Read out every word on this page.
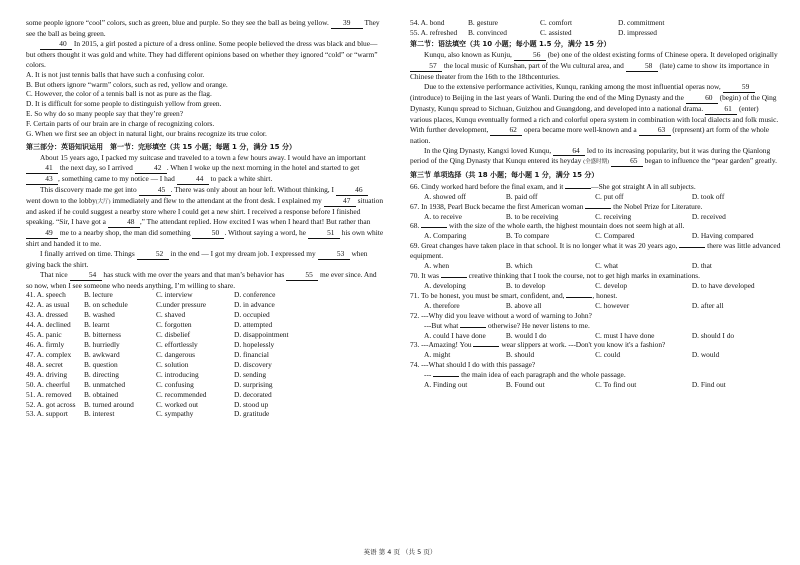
some people ignore “cool” colors, such as green, blue and purple. So they see the ball as being yellow. 39 They see the ball as being green.

40 In 2015, a girl posted a picture of a dress online. Some people believed the dress was black and blue—but others thought it was gold and white. They had different opinions based on whether they ignored “cold” or “warm” colors.

A. It is not just tennis balls that have such a confusing color.

B. But others ignore “warm” colors, such as red, yellow and orange.

C. However, the color of a tennis ball is not as pure as the flag.

D. It is difficult for some people to distinguish yellow from green.

E. So why do so many people say that they’re green?

F. Certain parts of our brain are in charge of recognizing colors.

G. When we first see an object in natural light, our brains recognize its true color.

第三部分：英语知识运用　第一节：完形填空（共 15 小题；每题 1 分，满分 15 分）

About 15 years ago, I packed my suitcase and traveled to a town a few hours away. I would have an important 41 the next day, so I arrived	42 . When I woke up the next morning in the hotel and started to get 43 , something came to my notice — I had	44 to pack a white shirt.

This discovery made me get into	45 . There was only about an hour left. Without thinking, I	46 went down to the lobby(大厅) immediately and flew to the attendant at the front desk. I explained my	47 situation and asked if he could suggest a nearby store where I could get a new shirt. I received a response before I finished speaking. “Sir, I have got a	48 ,” The attendant replied. How excited I was when I heard that! But rather than 49 me to a nearby shop, the man did something	50 . Without saying a word, he	51 his own white shirt and handed it to me.

I finally arrived on time. Things	52 in the end — I got my dream job. I expressed my	53 when giving back the shirt.

That nice	54 has stuck with me over the years and that man’s behavior has	55 me ever since. And so now, when I see someone who needs anything, I’m willing to share.

41. A. speech	B. lecture	C. interview	D. conference
42. A. as usual	B. on schedule	C.under pressure	D. in advance
43. A. dressed	B. washed	C. shaved	D. occupied
44. A. declined	B. learnt	C. forgotten	D. attempted
45. A. panic	B. bitterness	C. disbelief	D. disappointment
46. A. firmly	B. hurriedly	C. effortlessly	D. hopelessly
47. A. complex	B. awkward	C. dangerous	D. financial
48. A. secret	B. question	C. solution	D. discovery
49. A. driving	B. directing	C. introducing	D. sending
50. A. cheerful	B. unmatched	C. confusing	D. surprising
51. A. removed	B. obtained	C. recommended	D. decorated
52. A. got across	B. turned around	C. worked out	D. stood up
53. A. support	B. interest	C. sympathy	D. gratitude
54. A. bond	B. gesture	C. comfort	D. commitment
55. A. refreshed	B. convinced	C. assisted	D. impressed

第二节：语法填空（共 10 小题；每小题 1.5 分，满分 15 分）

Kunqu, also known as Kunju,	56 (be) one of the oldest existing forms of Chinese opera. It developed originally 57 the local music of Kunshan, part of the Wu cultural area, and	58 (late) came to show its importance in Chinese theater from the 16th to the 18thcenturies.

Due to the extensive performance activities, Kunqu, ranking among the most influential operas now,	59 (introduce) to Beijing in the last years of Wanli. During the end of the Ming Dynasty and the	60 (begin) of the Qing Dynasty, Kunqu spread to Sichuan, Guizhou and Guangdong, and developed into a national drama.	61 (enter) various places, Kunqu eventually formed a rich and colorful opera system in combination with local dialects and folk music. With further development,	62 opera became more well-known and a	63 (represent) art form of the whole nation.

In the Qing Dynasty, Kangxi loved Kunqu,	64 led to its increasing popularity, but it was during the Qianlong period of the Qing Dynasty that Kunqu entered its heyday (全盛时期)	65 began to influence the “pear garden” greatly.

第三节 单项选择（共 18 小题；每小题 1 分，满分 15 分）

66. Cindy worked hard before the final exam, and it	—She got straight A in all subjects.

A. showed off	B. paid off	C. put off	D. took off

67. In 1938, Pearl Buck became the first American woman	the Nobel Prize for Literature.

A. to receive	B. to be receiving	C. receiving	D. received

68.	with the size of the whole earth, the highest mountain does not seem high at all.

A. Comparing	B. To compare	C. Compared	D. Having compared

69. Great changes have taken place in that school. It is no longer what it was 20 years ago,	there was little advanced equipment.

A. when	B. which	C. what	D. that

70. It was	creative thinking that I took the course, not to get high marks in examinations.

A. developing	B. to develop	C. develop	D. to have developed

71. To be honest, you must be smart, confident, and,	, honest.

A. therefore	B. above all	C. however	D. after all

72. ---Why did you leave without a word of warning to John?

---But what	otherwise? He never listens to me.

A. could I have done	B. would I do	C. must I have done	D. should I do

73. ---Amazing! You	wear slippers at work. ---Don't you know it's a fashion?

A. might	B. should	C. could	D. would

74. ---What should I do with this passage?

---	the main idea of each paragraph and the whole passage.

A. Finding out	B. Found out	C. To find out	D. Find out
英语 第 4 页 （共 5 页）
